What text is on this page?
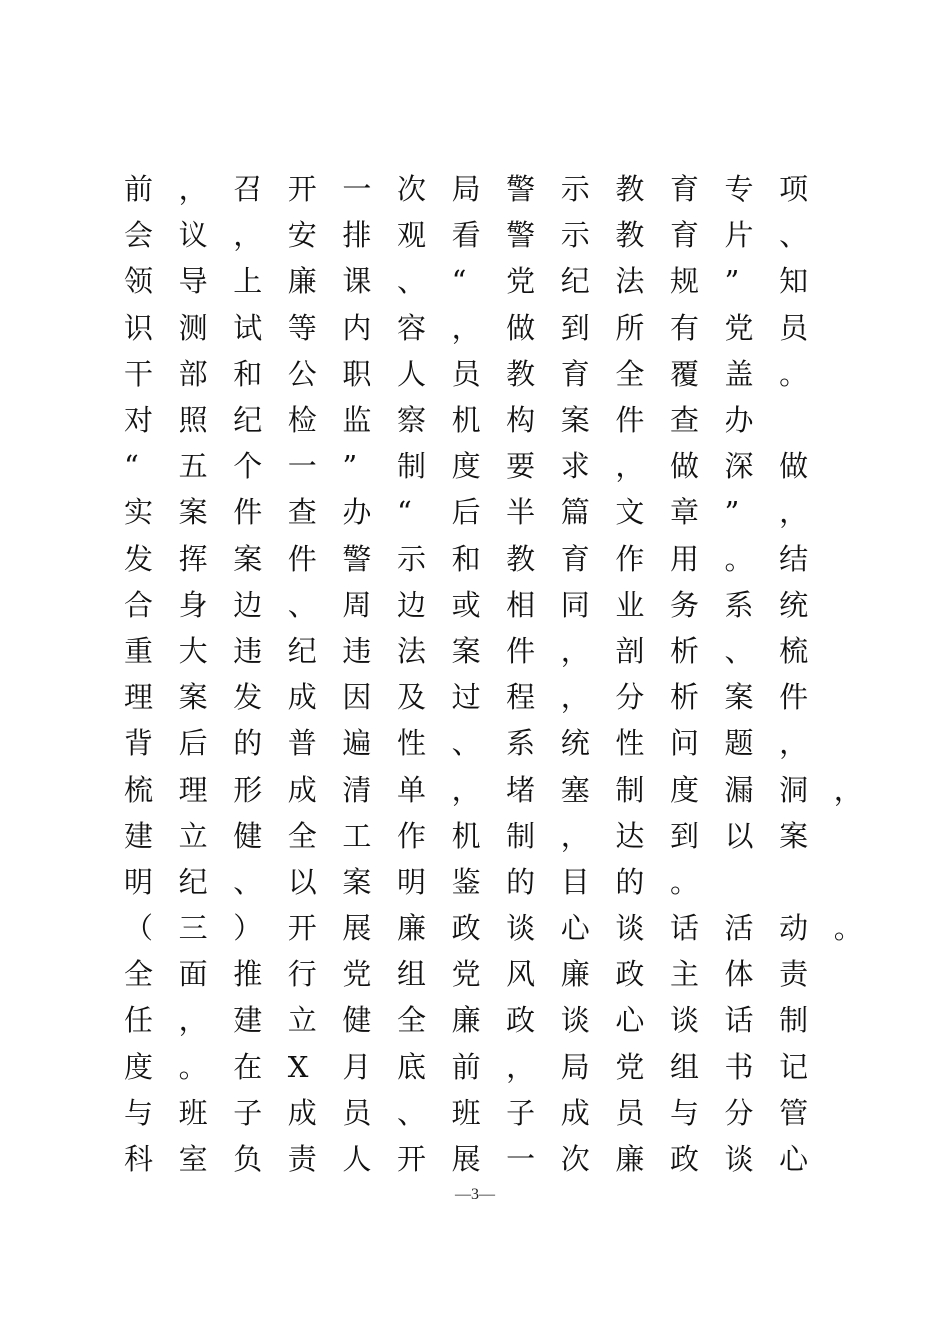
前 ， 召 开 一 次 局 警 示 教 育 专 项
会 议 ， 安 排 观 看 警 示 教 育 片 、
领 导 上 廉 课 、 “	党 纪 法 规 ”	知
识 测 试 等 内 容 ， 做 到 所 有 党 员
干 部 和 公 职 人 员 教 育 全 覆 盖 。
对 照 纪 检 监 察 机 构 案 件 查 办
“	五 个 一 ”	制 度 要 求 ， 做 深 做
实 案 件 查 办 “	后 半 篇 文 章 ”	，
发 挥 案 件 警 示 和 教 育 作 用 。 结
合 身 边 、 周 边 或 相 同 业 务 系 统
重 大 违 纪 违 法 案 件 ， 剖 析 、 梳
理 案 发 成 因 及 过 程 ， 分 析 案 件
背 后 的 普 遍 性 、 系 统 性 问 题 ，
梳 理 形 成 清 单 ， 堵 塞 制 度 漏 洞 ，
建 立 健 全 工 作 机 制 ， 达 到 以 案
明 纪 、 以 案 明 鉴 的 目 的 。
（ 三 ） 开 展 廉 政 谈 心 谈 话 活 动 。
全 面 推 行 党 组 党 风 廉 政 主 体 责
任 ， 建 立 健 全 廉 政 谈 心 谈 话 制
度 。 在 X	月 底 前 ， 局 党 组 书 记
与 班 子 成 员 、 班 子 成 员 与 分 管
科 室 负 责 人 开 展 一 次 廉 政 谈 心
—3—
